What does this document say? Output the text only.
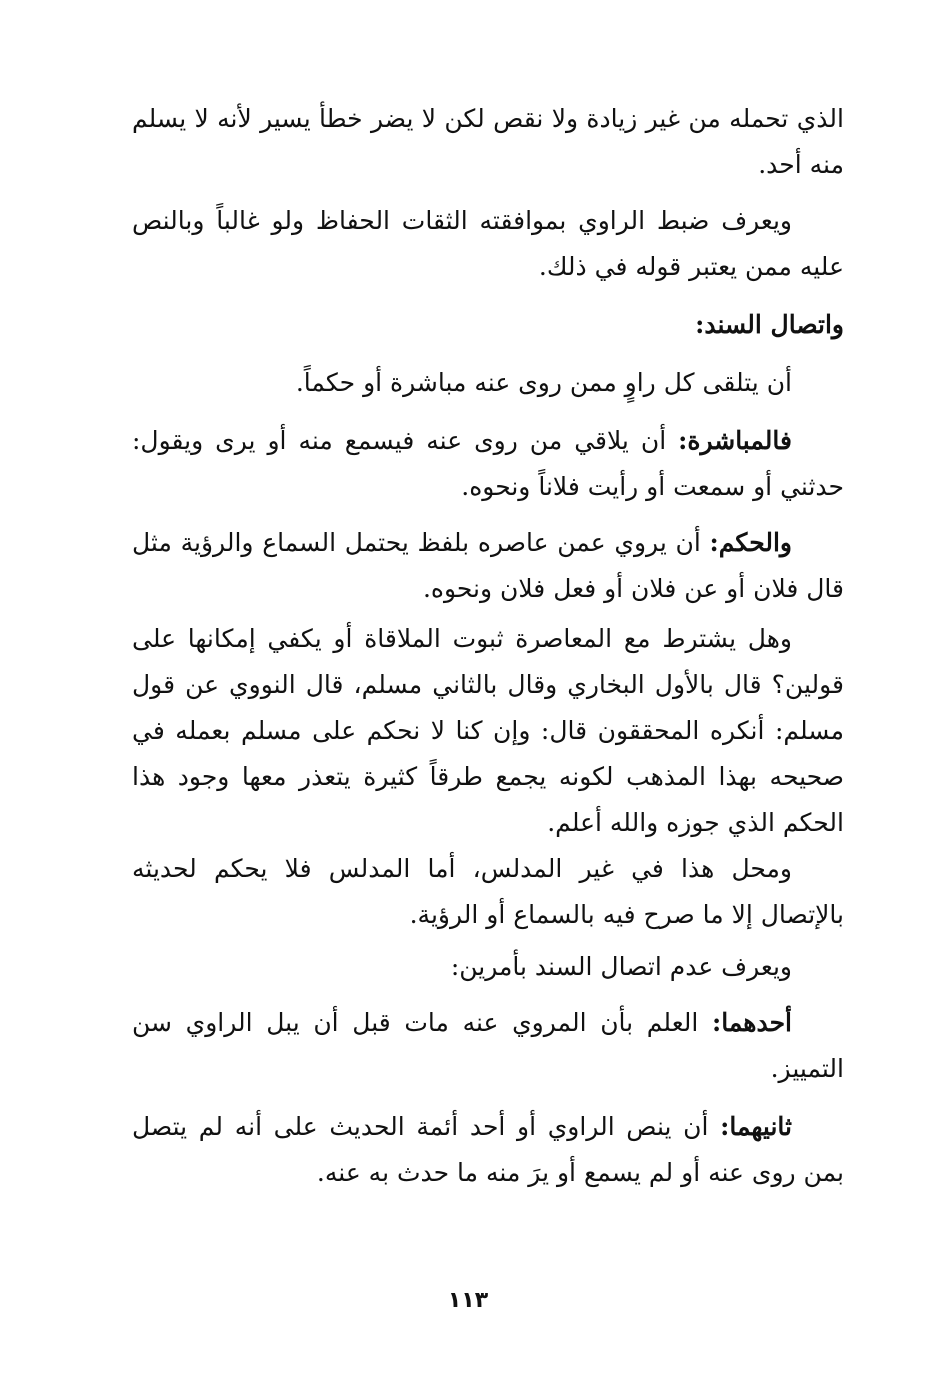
الذي تحمله من غير زيادة ولا نقص لكن لا يضر خطأ يسير لأنه لا يسلم منه أحد.

ويعرف ضبط الراوي بموافقته الثقات الحفاظ ولو غالباً وبالنص عليه ممن يعتبر قوله في ذلك.

واتصال السند:

أن يتلقى كل راوٍ ممن روى عنه مباشرة أو حكماً.

فالمباشرة: أن يلاقي من روى عنه فيسمع منه أو يرى ويقول: حدثني أو سمعت أو رأيت فلاناً ونحوه.

والحكم: أن يروي عمن عاصره بلفظ يحتمل السماع والرؤية مثل قال فلان أو عن فلان أو فعل فلان ونحوه.

وهل يشترط مع المعاصرة ثبوت الملاقاة أو يكفي إمكانها على قولين؟ قال بالأول البخاري وقال بالثاني مسلم، قال النووي عن قول مسلم: أنكره المحققون قال: وإن كنا لا نحكم على مسلم بعمله في صحيحه بهذا المذهب لكونه يجمع طرقاً كثيرة يتعذر معها وجود هذا الحكم الذي جوزه والله أعلم.

ومحل هذا في غير المدلس، أما المدلس فلا يحكم لحديثه بالإتصال إلا ما صرح فيه بالسماع أو الرؤية.

ويعرف عدم اتصال السند بأمرين:

أحدهما: العلم بأن المروي عنه مات قبل أن يبل الراوي سن التمييز.

ثانيهما: أن ينص الراوي أو أحد أئمة الحديث على أنه لم يتصل بمن روى عنه أو لم يسمع أو يرَ منه ما حدث به عنه.

١١٣
